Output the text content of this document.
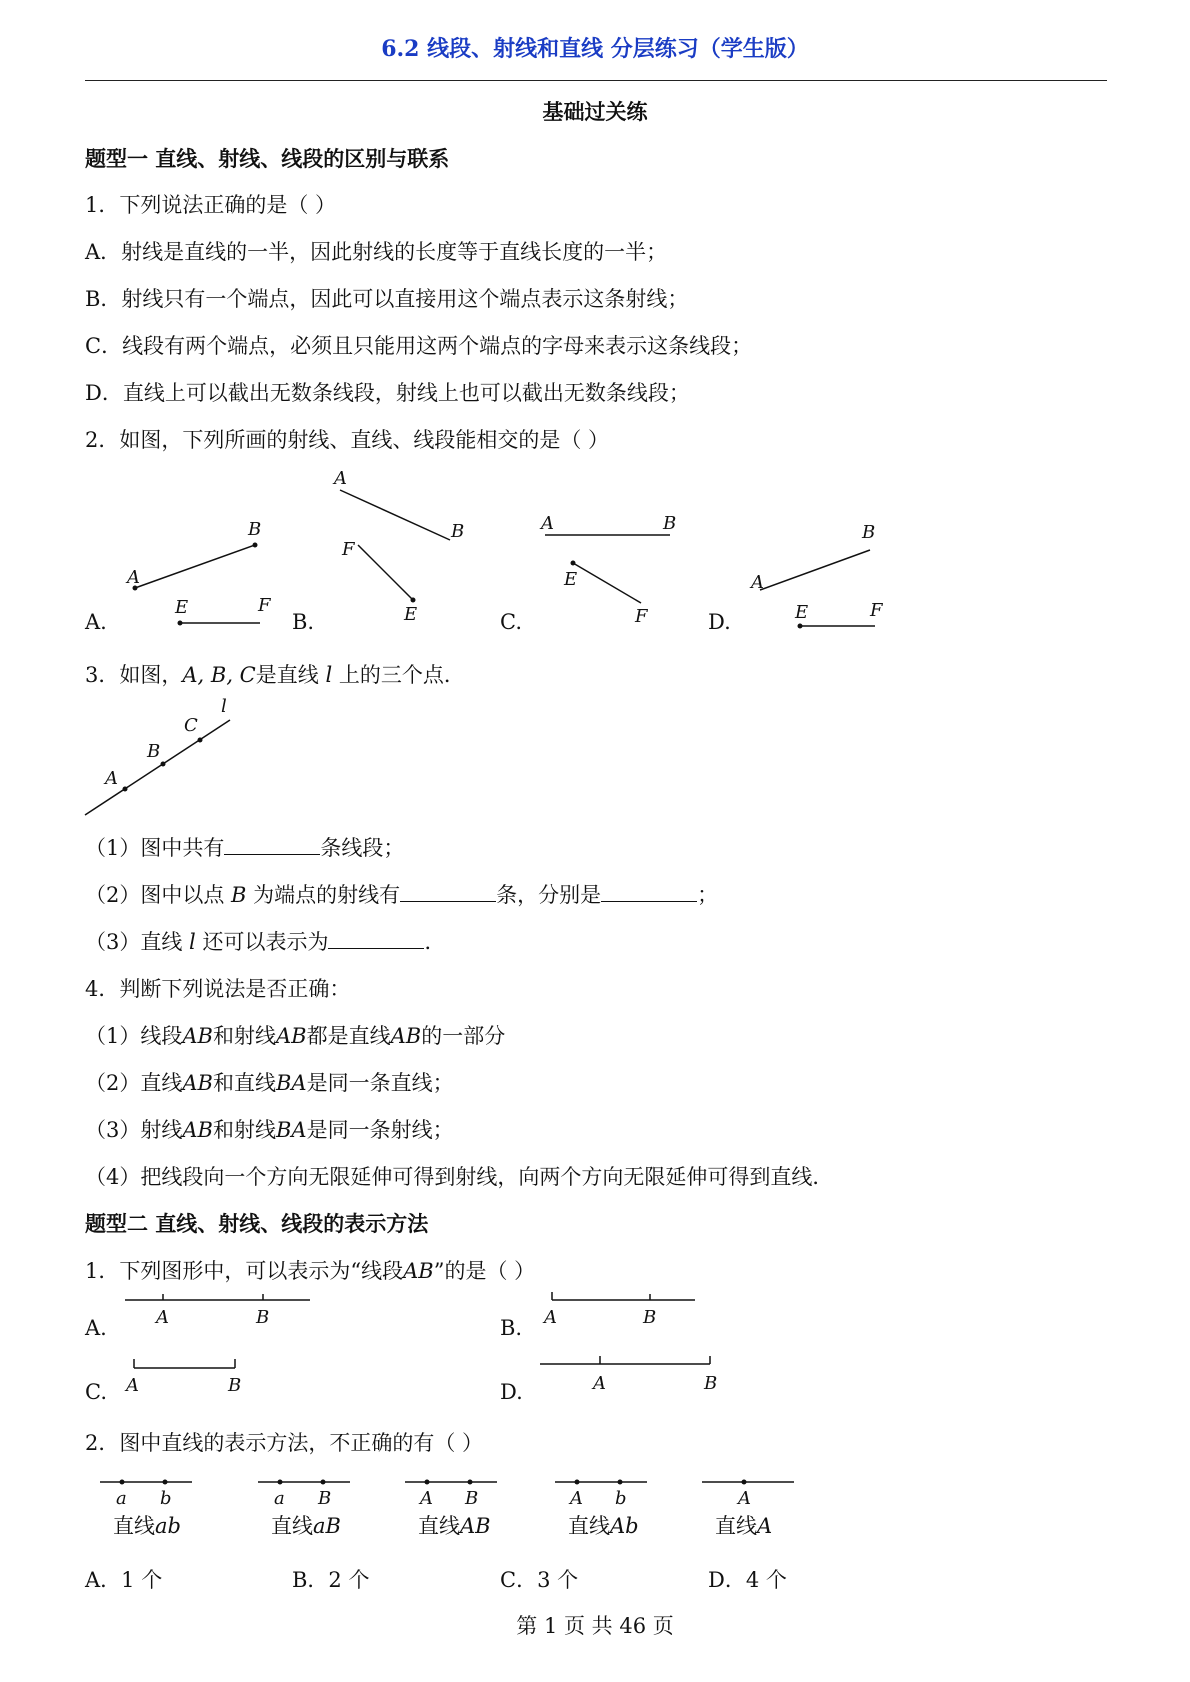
6.2 线段、射线和直线 分层练习（学生版）
基础过关练
题型一 直线、射线、线段的区别与联系
1．下列说法正确的是（ ）
A．射线是直线的一半，因此射线的长度等于直线长度的一半；
B．射线只有一个端点，因此可以直接用这个端点表示这条射线；
C．线段有两个端点，必须且只能用这两个端点的字母来表示这条线段；
D．直线上可以截出无数条线段，射线上也可以截出无数条线段；
2．如图，下列所画的射线、直线、线段能相交的是（ ）
A.
A
B
E	F
B.
A
B
F
E	C.
A	B
E
F	D.
A
B
E	F
3．如图，A, B, C是直线 l 上的三个点．
A
B
C
l
（1）图中共有	条线段；
（2）图中以点 B 为端点的射线有	条，分别是	；
（3）直线 l 还可以表示为	．
4．判断下列说法是否正确：
（1）线段AB和射线AB都是直线AB的一部分
（2）直线AB和直线BA是同一条直线；
（3）射线AB和射线BA是同一条射线；
（4）把线段向一个方向无限延伸可得到射线，向两个方向无限延伸可得到直线．
题型二 直线、射线、线段的表示方法
1．下列图形中，可以表示为“线段AB”的是（ ）
A.	A	B	B. A	B
C. A	B	D.	A	B
2．图中直线的表示方法，不正确的有（ ）
a b
直线ab
a B
直线aB
A B
直线AB
A b
直线Ab
A
直线A
A．1 个	B．2 个	C．3 个	D．4 个
第 1 页 共 46 页
